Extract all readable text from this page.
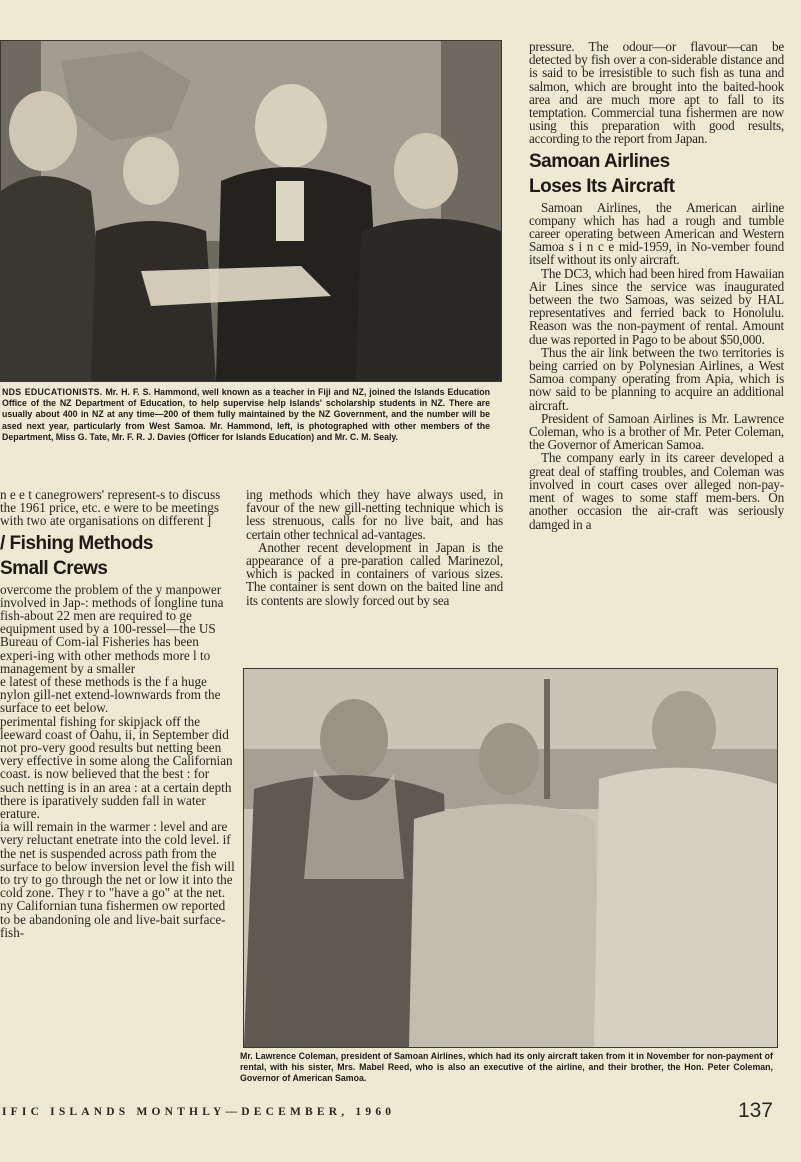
NDS EDUCATIONISTS. Mr. H. F. S. Hammond, well known as a teacher in Fiji and NZ, joined the Islands Education Office of the NZ Department of Education, to help supervise help Islands' scholarship students in NZ. There are usually about 400 in NZ at any time—200 of them fully maintained by the NZ Government, and the number will be ased next year, particularly from West Samoa. Mr. Hammond, left, is photographed with other members of the Department, Miss G. Tate, Mr. F. R. J. Davies (Officer for Islands Education) and Mr. C. M. Sealy.

n e e t canegrowers' represent-s to discuss the 1961 price, etc. e were to be meetings with two ate organisations on different ]

/ Fishing Methods
Small Crews

overcome the problem of the y manpower involved in Jap-: methods of longline tuna fish-about 22 men are required to ge equipment used by a 100-ressel—the US Bureau of Com-ial Fisheries has been experi-ing with other methods more l to management by a smaller

e latest of these methods is the f a huge nylon gill-net extend-lownwards from the surface to eet below.

perimental fishing for skipjack off the leeward coast of Oahu, ii, in September did not pro-very good results but netting been very effective in some along the Californian coast. is now believed that the best : for such netting is in an area : at a certain depth there is iparatively sudden fall in water erature.

ia will remain in the warmer : level and are very reluctant enetrate into the cold level. if the net is suspended across path from the surface to below inversion level the fish will to try to go through the net or low it into the cold zone. They r to "have a go" at the net. ny Californian tuna fishermen ow reported to be abandoning ole and live-bait surface-fish-

ing methods which they have always used, in favour of the new gill-netting technique which is less strenuous, calls for no live bait, and has certain other technical ad-vantages.

Another recent development in Japan is the appearance of a pre-paration called Marinezol, which is packed in containers of various sizes. The container is sent down on the baited line and its contents are slowly forced out by sea

pressure. The odour—or flavour—can be detected by fish over a con-siderable distance and is said to be irresistible to such fish as tuna and salmon, which are brought into the baited-hook area and are much more apt to fall to its temptation. Commercial tuna fishermen are now using this preparation with good results, according to the report from Japan.

Samoan Airlines
Loses Its Aircraft

Samoan Airlines, the American airline company which has had a rough and tumble career operating between American and Western Samoa s i n c e mid-1959, in No-vember found itself without its only aircraft.

The DC3, which had been hired from Hawaiian Air Lines since the service was inaugurated between the two Samoas, was seized by HAL representatives and ferried back to Honolulu. Reason was the non-payment of rental. Amount due was reported in Pago to be about $50,000.

Thus the air link between the two territories is being carried on by Polynesian Airlines, a West Samoa company operating from Apia, which is now said to be planning to acquire an additional aircraft.

President of Samoan Airlines is Mr. Lawrence Coleman, who is a brother of Mr. Peter Coleman, the Governor of American Samoa.

The company early in its career developed a great deal of staffing troubles, and Coleman was involved in court cases over alleged non-pay-ment of wages to some staff mem-bers. On another occasion the air-craft was seriously damged in a

Mr. Lawrence Coleman, president of Samoan Airlines, which had its only aircraft taken from it in November for non-payment of rental, with his sister, Mrs. Mabel Reed, who is also an executive of the airline, and their brother, the Hon. Peter Coleman, Governor of American Samoa.

IFIC ISLANDS MONTHLY—DECEMBER, 1960	137
